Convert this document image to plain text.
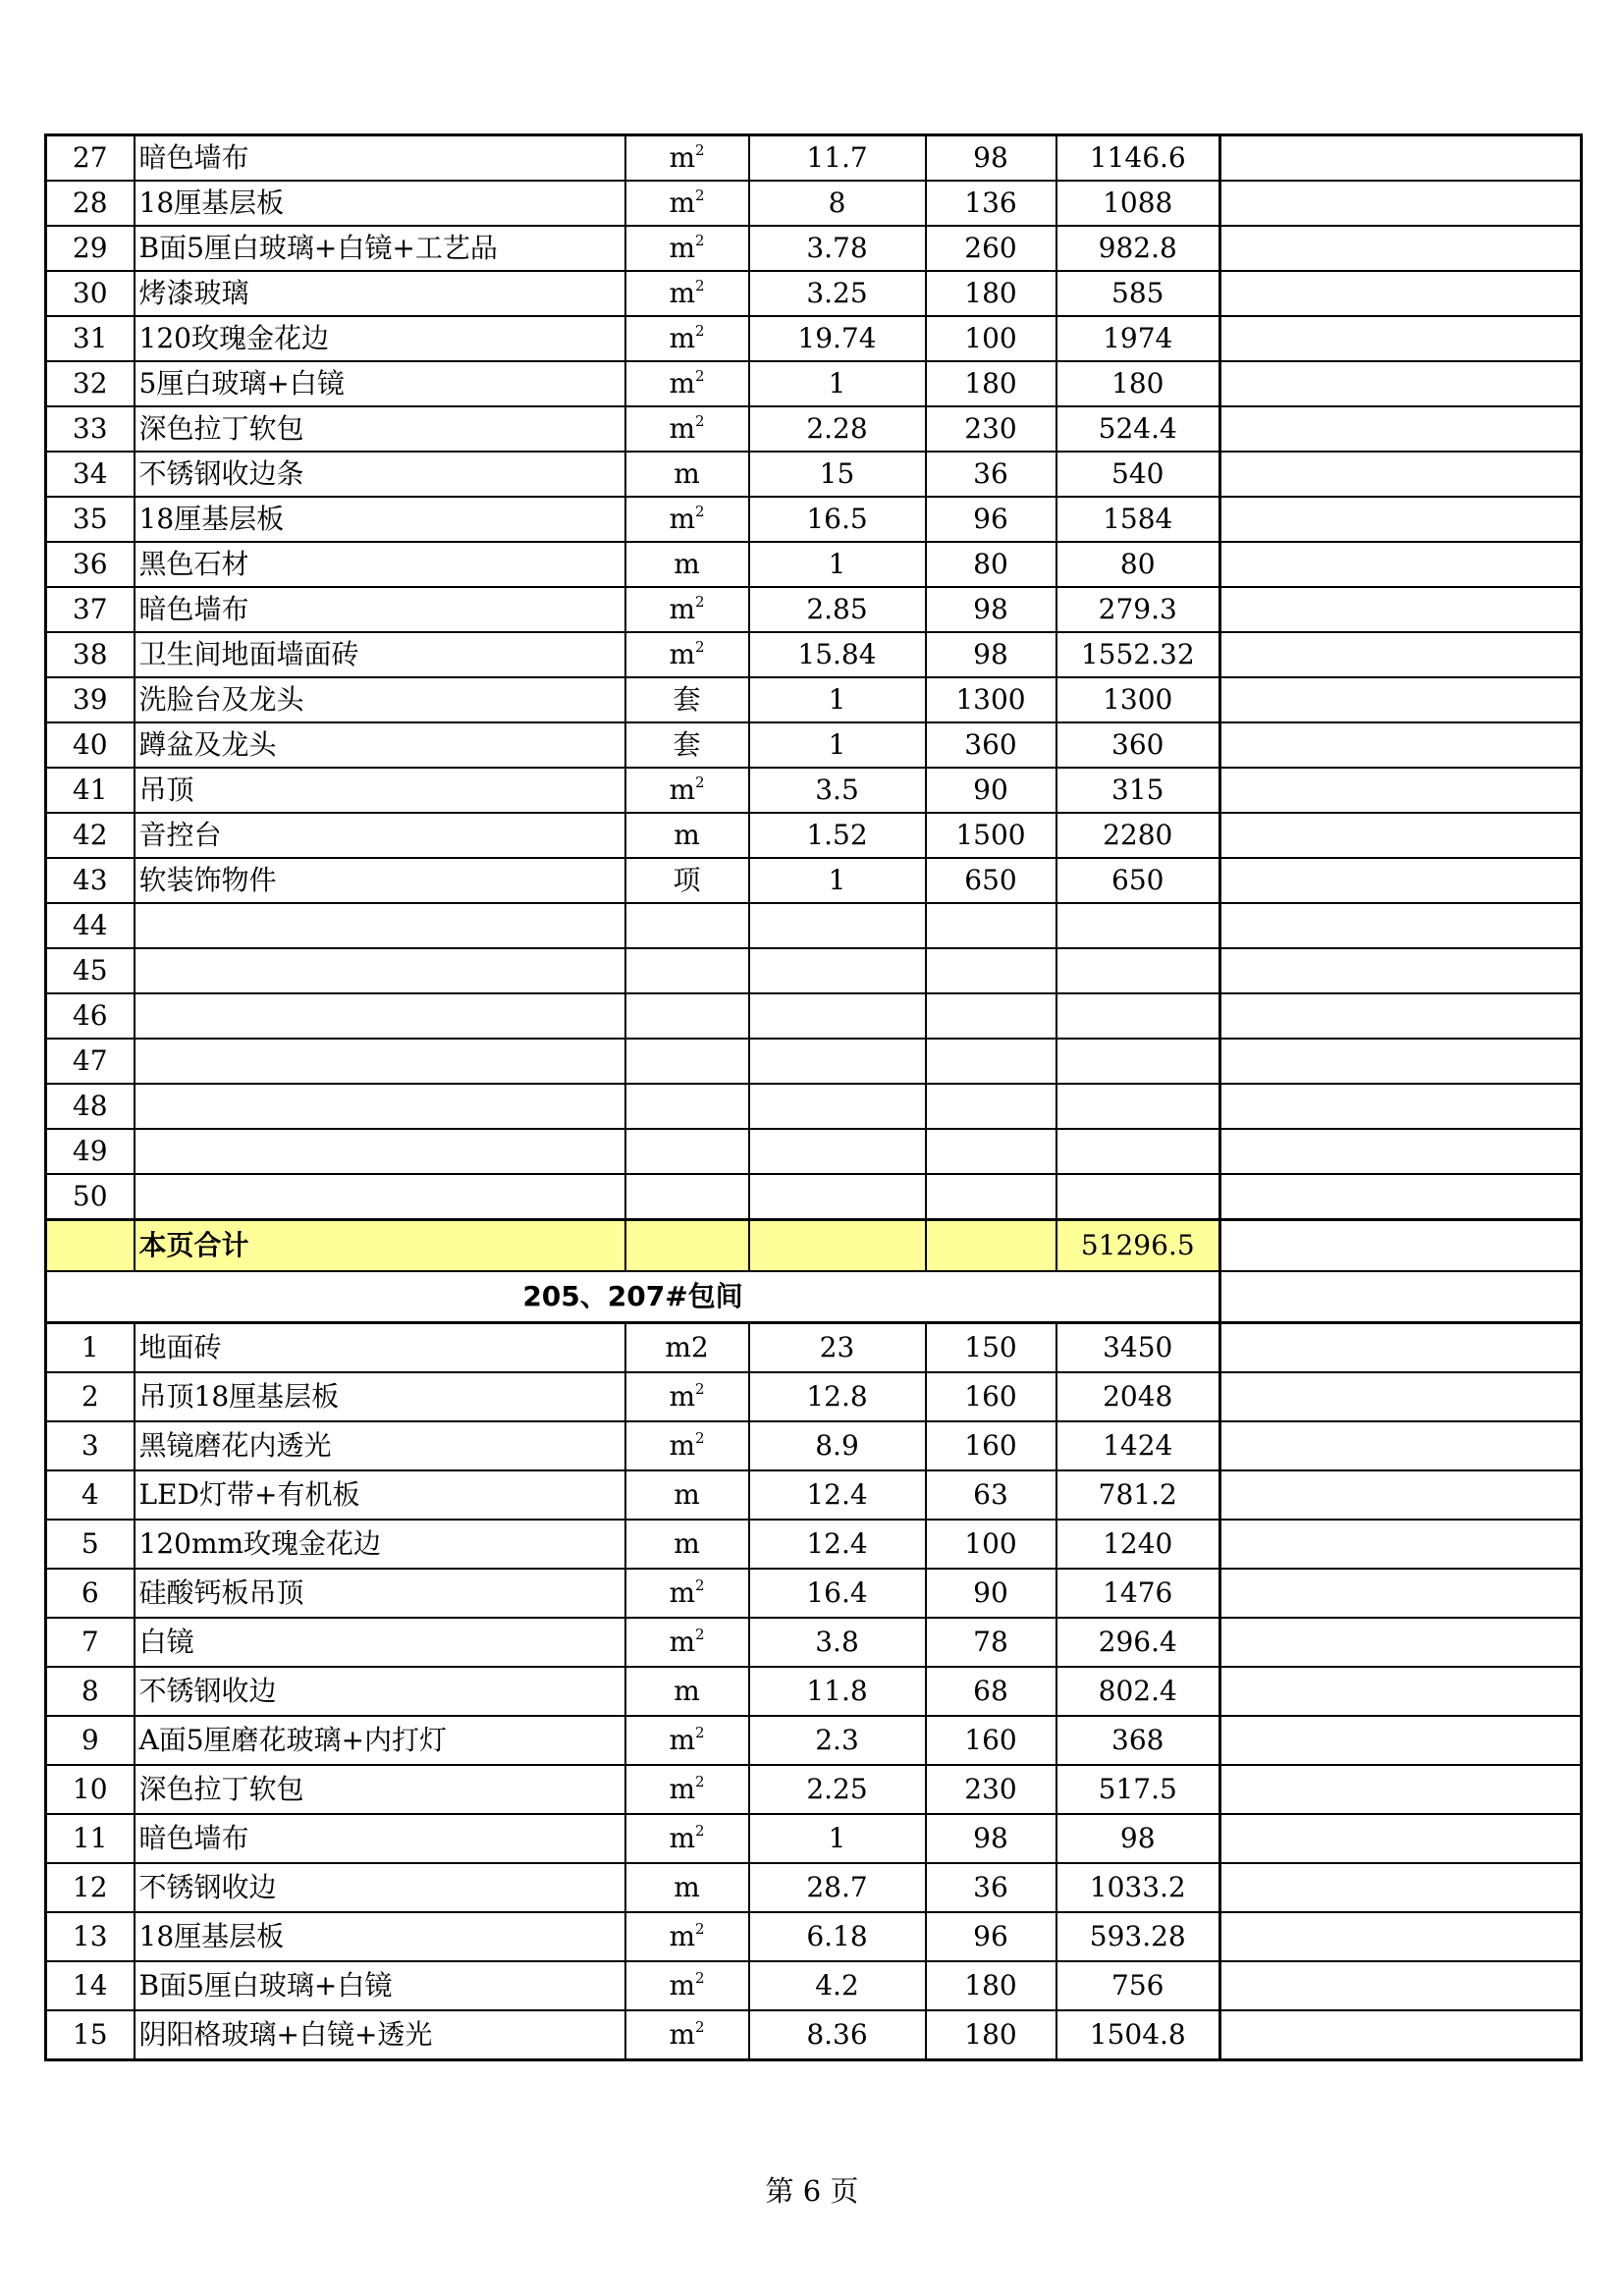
27	暗色墙布	$m^2$	11.7	98	1146.6	
28	18厘基层板	$m^2$	8	136	1088	
29	B面5厘白玻璃+白镜+工艺品	$m^2$	3.78	260	982.8	
30	烤漆玻璃	$m^2$	3.25	180	585	
31	120玫瑰金花边	$m^2$	19.74	100	1974	
32	5厘白玻璃+白镜	$m^2$	1	180	180	
33	深色拉丁软包	$m^2$	2.28	230	524.4	
34	不锈钢收边条	m	15	36	540	
35	18厘基层板	$m^2$	16.5	96	1584	
36	黑色石材	m	1	80	80	
37	暗色墙布	$m^2$	2.85	98	279.3	
38	卫生间地面墙面砖	$m^2$	15.84	98	1552.32	
39	洗脸台及龙头	套	1	1300	1300	
40	蹲盆及龙头	套	1	360	360	
41	吊顶	$m^2$	3.5	90	315	
42	音控台	m	1.52	1500	2280	
43	软装饰物件	项	1	650	650	
44						
45						
46						
47						
48						
49						
50						
	本页合计				51296.5	
205、207#包间						
1	地面砖	m2	23	150	3450	
2	吊顶18厘基层板	$m^2$	12.8	160	2048	
3	黑镜磨花内透光	$m^2$	8.9	160	1424	
4	LED灯带+有机板	m	12.4	63	781.2	
5	120mm玫瑰金花边	m	12.4	100	1240	
6	硅酸钙板吊顶	$m^2$	16.4	90	1476	
7	白镜	$m^2$	3.8	78	296.4	
8	不锈钢收边	m	11.8	68	802.4	
9	A面5厘磨花玻璃+内打灯	$m^2$	2.3	160	368	
10	深色拉丁软包	$m^2$	2.25	230	517.5	
11	暗色墙布	$m^2$	1	98	98	
12	不锈钢收边	m	28.7	36	1033.2	
13	18厘基层板	$m^2$	6.18	96	593.28	
14	B面5厘白玻璃+白镜	$m^2$	4.2	180	756	
15	阴阳格玻璃+白镜+透光	$m^2$	8.36	180	1504.8	
第 6 页
